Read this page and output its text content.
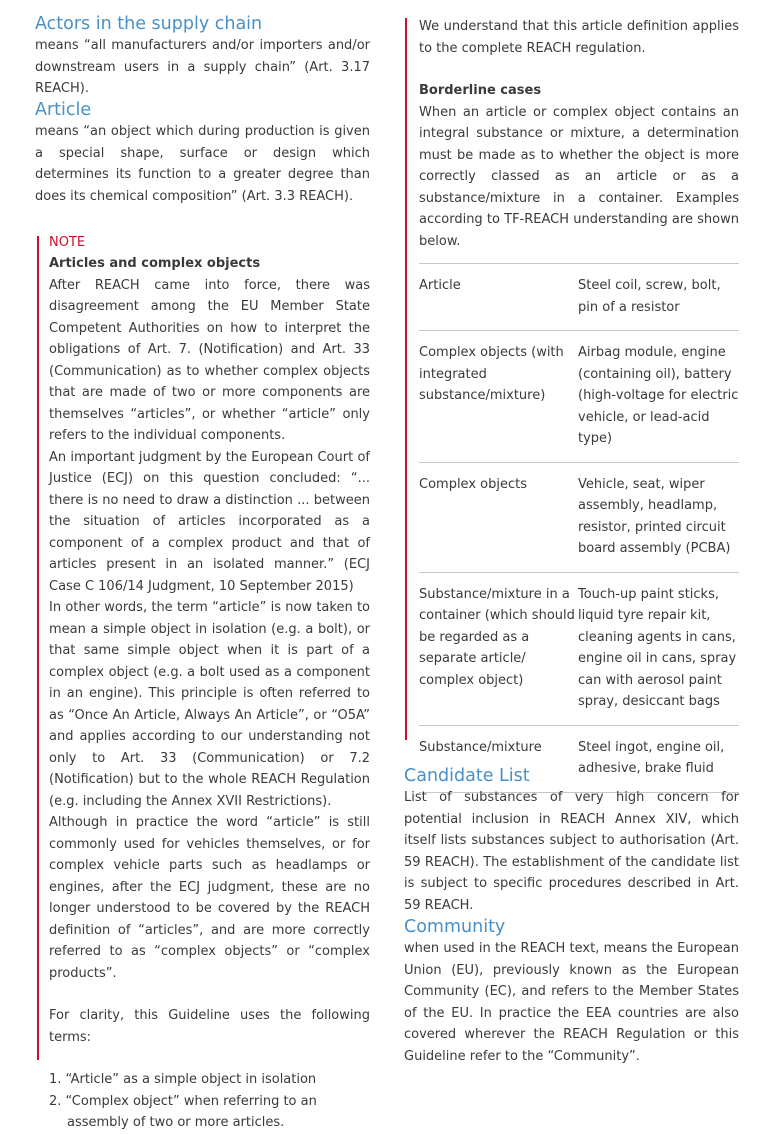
Actors in the supply chain

means “all manufacturers and/or importers and/or downstream users in a supply chain” (Art. 3.17 REACH).

Article

means “an object which during production is given a special shape, surface or design which determines its function to a greater degree than does its chemical composition” (Art. 3.3 REACH).

NOTE
Articles and complex objects

After REACH came into force, there was disagreement among the EU Member State Competent Authorities on how to interpret the obligations of Art. 7. (Notification) and Art. 33 (Communication) as to whether complex objects that are made of two or more components are themselves “articles”, or whether “article” only refers to the individual components.

An important judgment by the European Court of Justice (ECJ) on this question concluded: “... there is no need to draw a distinction ... between the situation of articles incorporated as a component of a complex product and that of articles present in an isolated manner.” (ECJ Case C 106/14 Judgment, 10 September 2015)

In other words, the term “article” is now taken to mean a simple object in isolation (e.g. a bolt), or that same simple object when it is part of a complex object (e.g. a bolt used as a component in an engine). This principle is often referred to as “Once An Article, Always An Article”, or “O5A” and applies according to our understanding not only to Art. 33 (Communication) or 7.2 (Notification) but to the whole REACH Regulation (e.g. including the Annex XVII Restrictions).

Although in practice the word “article” is still commonly used for vehicles themselves, or for complex vehicle parts such as headlamps or engines, after the ECJ judgment, these are no longer understood to be covered by the REACH definition of “articles”, and are more correctly referred to as “complex objects” or “complex products”.

For clarity, this Guideline uses the following terms:

1. “Article” as a simple object in isolation
2. “Complex object” when referring to an assembly of two or more articles.

We understand that this article definition applies to the complete REACH regulation.

Borderline cases

When an article or complex object contains an integral substance or mixture, a determination must be made as to whether the object is more correctly classed as an article or as a substance/mixture in a container. Examples according to TF-REACH understanding are shown below.

Article	Steel coil, screw, bolt, pin of a resistor
Complex objects (with integrated substance/mixture)	Airbag module, engine (containing oil), battery (high-voltage for electric vehicle, or lead-acid type)
Complex objects	Vehicle, seat, wiper assembly, headlamp, resistor, printed circuit board assembly (PCBA)
Substance/mixture in a container (which should be regarded as a separate article/ complex object)	Touch-up paint sticks, liquid tyre repair kit, cleaning agents in cans, engine oil in cans, spray can with aerosol paint spray, desiccant bags
Substance/mixture	Steel ingot, engine oil, adhesive, brake fluid
Candidate List

List of substances of very high concern for potential inclusion in REACH Annex XIV, which itself lists substances subject to authorisation (Art. 59 REACH). The establishment of the candidate list is subject to specific procedures described in Art. 59 REACH.

Community

when used in the REACH text, means the European Union (EU), previously known as the European Community (EC), and refers to the Member States of the EU. In practice the EEA countries are also covered wherever the REACH Regulation or this Guideline refer to the “Community”.
